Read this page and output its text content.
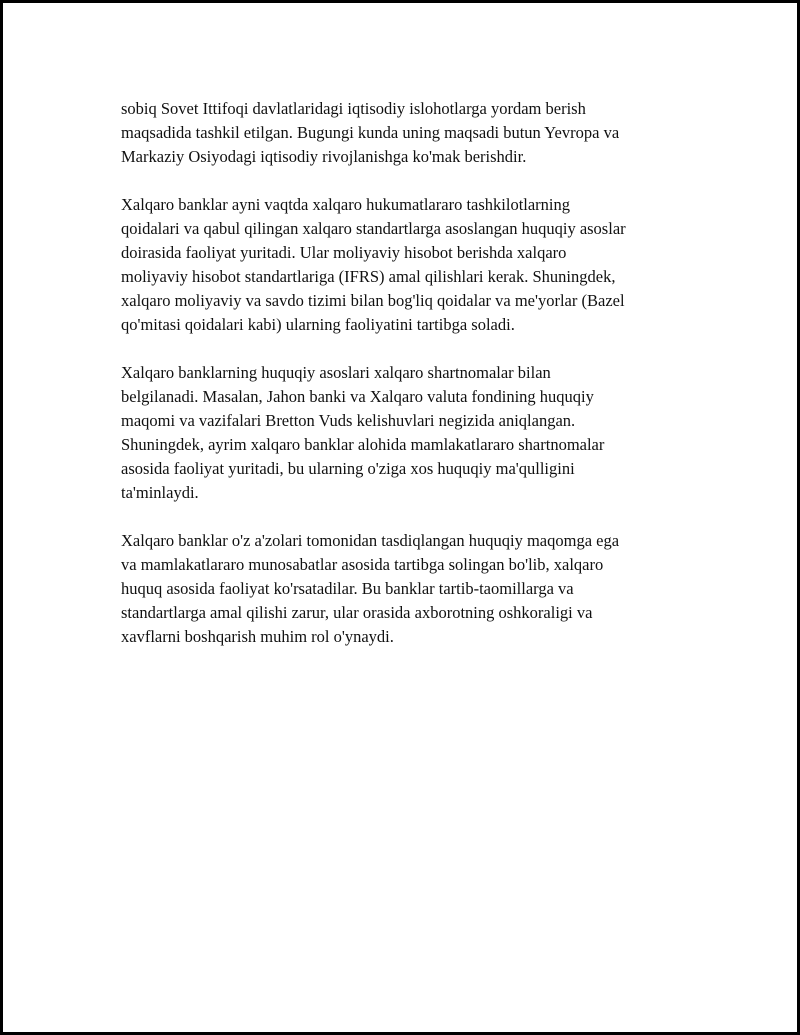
sobiq Sovet Ittifoqi davlatlaridagi iqtisodiy islohotlarga yordam berish
maqsadida tashkil etilgan. Bugungi kunda uning maqsadi butun Yevropa va
Markaziy Osiyodagi iqtisodiy rivojlanishga ko'mak berishdir.

Xalqaro banklar ayni vaqtda xalqaro hukumatlararo tashkilotlarning
qoidalari va qabul qilingan xalqaro standartlarga asoslangan huquqiy asoslar
doirasida faoliyat yuritadi. Ular moliyaviy hisobot berishda xalqaro
moliyaviy hisobot standartlariga (IFRS) amal qilishlari kerak. Shuningdek,
xalqaro moliyaviy va savdo tizimi bilan bog'liq qoidalar va me'yorlar (Bazel
qo'mitasi qoidalari kabi) ularning faoliyatini tartibga soladi.

Xalqaro banklarning huquqiy asoslari xalqaro shartnomalar bilan
belgilanadi. Masalan, Jahon banki va Xalqaro valuta fondining huquqiy
maqomi va vazifalari Bretton Vuds kelishuvlari negizida aniqlangan.
Shuningdek, ayrim xalqaro banklar alohida mamlakatlararo shartnomalar
asosida faoliyat yuritadi, bu ularning o'ziga xos huquqiy ma'qulligini
ta'minlaydi.

Xalqaro banklar o'z a'zolari tomonidan tasdiqlangan huquqiy maqomga ega
va mamlakatlararo munosabatlar asosida tartibga solingan bo'lib, xalqaro
huquq asosida faoliyat ko'rsatadilar. Bu banklar tartib-taomillarga va
standartlarga amal qilishi zarur, ular orasida axborotning oshkoraligi va
xavflarni boshqarish muhim rol o'ynaydi.
